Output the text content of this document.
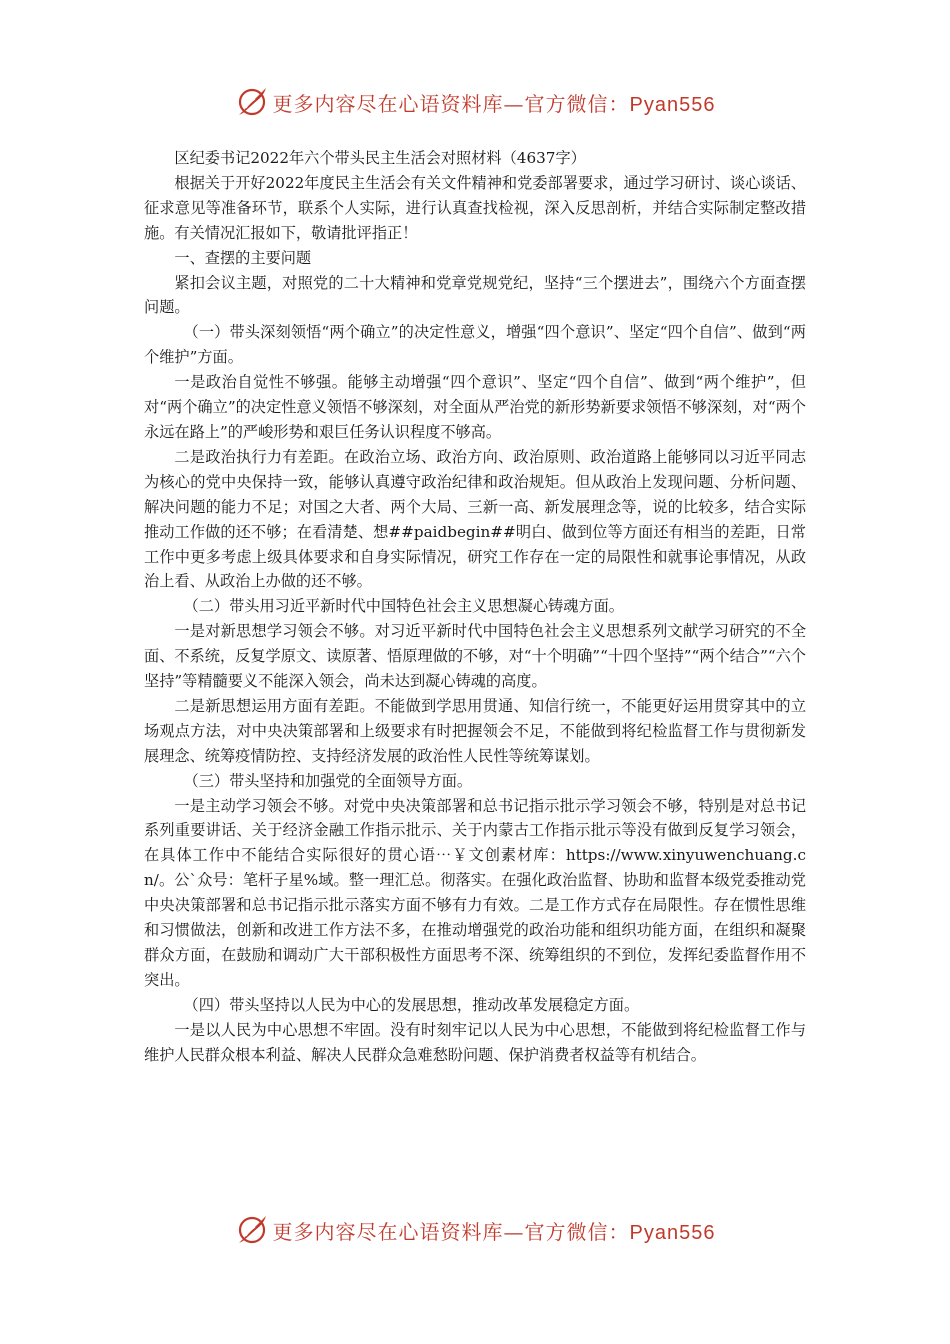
更多内容尽在心语资料库—官方微信：Pyan556

区纪委书记2022年六个带头民主生活会对照材料（4637字）

根据关于开好2022年度民主生活会有关文件精神和党委部署要求，通过学习研讨、谈心谈话、征求意见等准备环节，联系个人实际，进行认真查找检视，深入反思剖析，并结合实际制定整改措施。有关情况汇报如下，敬请批评指正！

一、查摆的主要问题

紧扣会议主题，对照党的二十大精神和党章党规党纪，坚持“三个摆进去”，围绕六个方面查摆问题。

（一）带头深刻领悟“两个确立”的决定性意义，增强“四个意识”、坚定“四个自信”、做到“两个维护”方面。

一是政治自觉性不够强。能够主动增强“四个意识”、坚定“四个自信”、做到“两个维护”，但对“两个确立”的决定性意义领悟不够深刻，对全面从严治党的新形势新要求领悟不够深刻，对“两个永远在路上”的严峻形势和艰巨任务认识程度不够高。

二是政治执行力有差距。在政治立场、政治方向、政治原则、政治道路上能够同以习近平同志为核心的党中央保持一致，能够认真遵守政治纪律和政治规矩。但从政治上发现问题、分析问题、解决问题的能力不足；对国之大者、两个大局、三新一高、新发展理念等，说的比较多，结合实际推动工作做的还不够；在看清楚、想##paidbegin##明白、做到位等方面还有相当的差距，日常工作中更多考虑上级具体要求和自身实际情况，研究工作存在一定的局限性和就事论事情况，从政治上看、从政治上办做的还不够。

（二）带头用习近平新时代中国特色社会主义思想凝心铸魂方面。

一是对新思想学习领会不够。对习近平新时代中国特色社会主义思想系列文献学习研究的不全面、不系统，反复学原文、读原著、悟原理做的不够，对“十个明确”“十四个坚持”“两个结合”“六个坚持”等精髓要义不能深入领会，尚未达到凝心铸魂的高度。

二是新思想运用方面有差距。不能做到学思用贯通、知信行统一，不能更好运用贯穿其中的立场观点方法，对中央决策部署和上级要求有时把握领会不足，不能做到将纪检监督工作与贯彻新发展理念、统筹疫情防控、支持经济发展的政治性人民性等统筹谋划。

（三）带头坚持和加强党的全面领导方面。

一是主动学习领会不够。对党中央决策部署和总书记指示批示学习领会不够，特别是对总书记系列重要讲话、关于经济金融工作指示批示、关于内蒙古工作指示批示等没有做到反复学习领会，在具体工作中不能结合实际很好的贯心语⋯￥文创素材库：https://www.xinyuwenchuang.cn/。公`众号：笔杆子星%域。整一理汇总。彻落实。在强化政治监督、协助和监督本级党委推动党中央决策部署和总书记指示批示落实方面不够有力有效。二是工作方式存在局限性。存在惯性思维和习惯做法，创新和改进工作方法不多，在推动增强党的政治功能和组织功能方面，在组织和凝聚群众方面，在鼓励和调动广大干部积极性方面思考不深、统筹组织的不到位，发挥纪委监督作用不突出。

（四）带头坚持以人民为中心的发展思想，推动改革发展稳定方面。

一是以人民为中心思想不牢固。没有时刻牢记以人民为中心思想，不能做到将纪检监督工作与维护人民群众根本利益、解决人民群众急难愁盼问题、保护消费者权益等有机结合。

更多内容尽在心语资料库—官方微信：Pyan556
